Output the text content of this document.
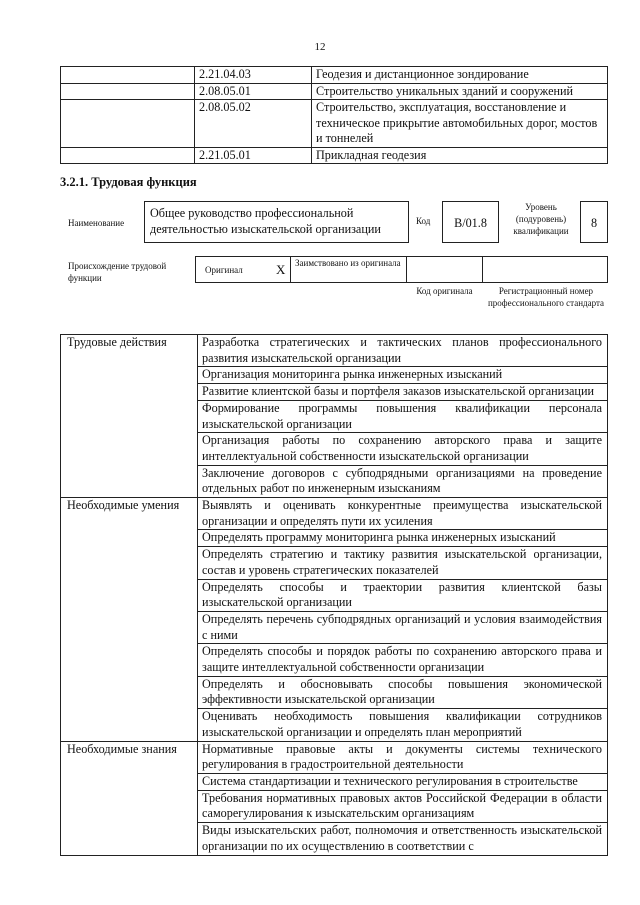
12
	2.21.04.03	Геодезия и дистанционное зондирование
	2.08.05.01	Строительство уникальных зданий и сооружений
	2.08.05.02	Строительство, эксплуатация, восстановление и техническое прикрытие автомобильных дорог, мостов и тоннелей
	2.21.05.01	Прикладная геодезия
3.2.1. Трудовая функция
Наименование
Общее руководство профессиональной деятельностью изыскательской организации
Код	B/01.8
Уровень (подуровень) квалификации
8
Происхождение трудовой функции
Оригинал	X Заимствовано из оригинала
Код оригинала	Регистрационный номер профессионального стандарта
Трудовые действия	Разработка стратегических и тактических планов профессионального развития изыскательской организации
	Организация мониторинга рынка инженерных изысканий
	Развитие клиентской базы и портфеля заказов изыскательской организации
	Формирование программы повышения квалификации персонала изыскательской организации
	Организация работы по сохранению авторского права и защите интеллектуальной собственности изыскательской организации
	Заключение договоров с субподрядными организациями на проведение отдельных работ по инженерным изысканиям
Необходимые умения	Выявлять и оценивать конкурентные преимущества изыскательской организации и определять пути их усиления
	Определять программу мониторинга рынка инженерных изысканий
	Определять стратегию и тактику развития изыскательской организации, состав и уровень стратегических показателей
	Определять способы и траектории развития клиентской базы изыскательской организации
	Определять перечень субподрядных организаций и условия взаимодействия с ними
	Определять способы и порядок работы по сохранению авторского права и защите интеллектуальной собственности организации
	Определять и обосновывать способы повышения экономической эффективности изыскательской организации
	Оценивать необходимость повышения квалификации сотрудников изыскательской организации и определять план мероприятий
Необходимые знания	Нормативные правовые акты и документы системы технического регулирования в градостроительной деятельности
	Система стандартизации и технического регулирования в строительстве
	Требования нормативных правовых актов Российской Федерации в области саморегулирования к изыскательским организациям
	Виды изыскательских работ, полномочия и ответственность изыскательской организации по их осуществлению в соответствии с
